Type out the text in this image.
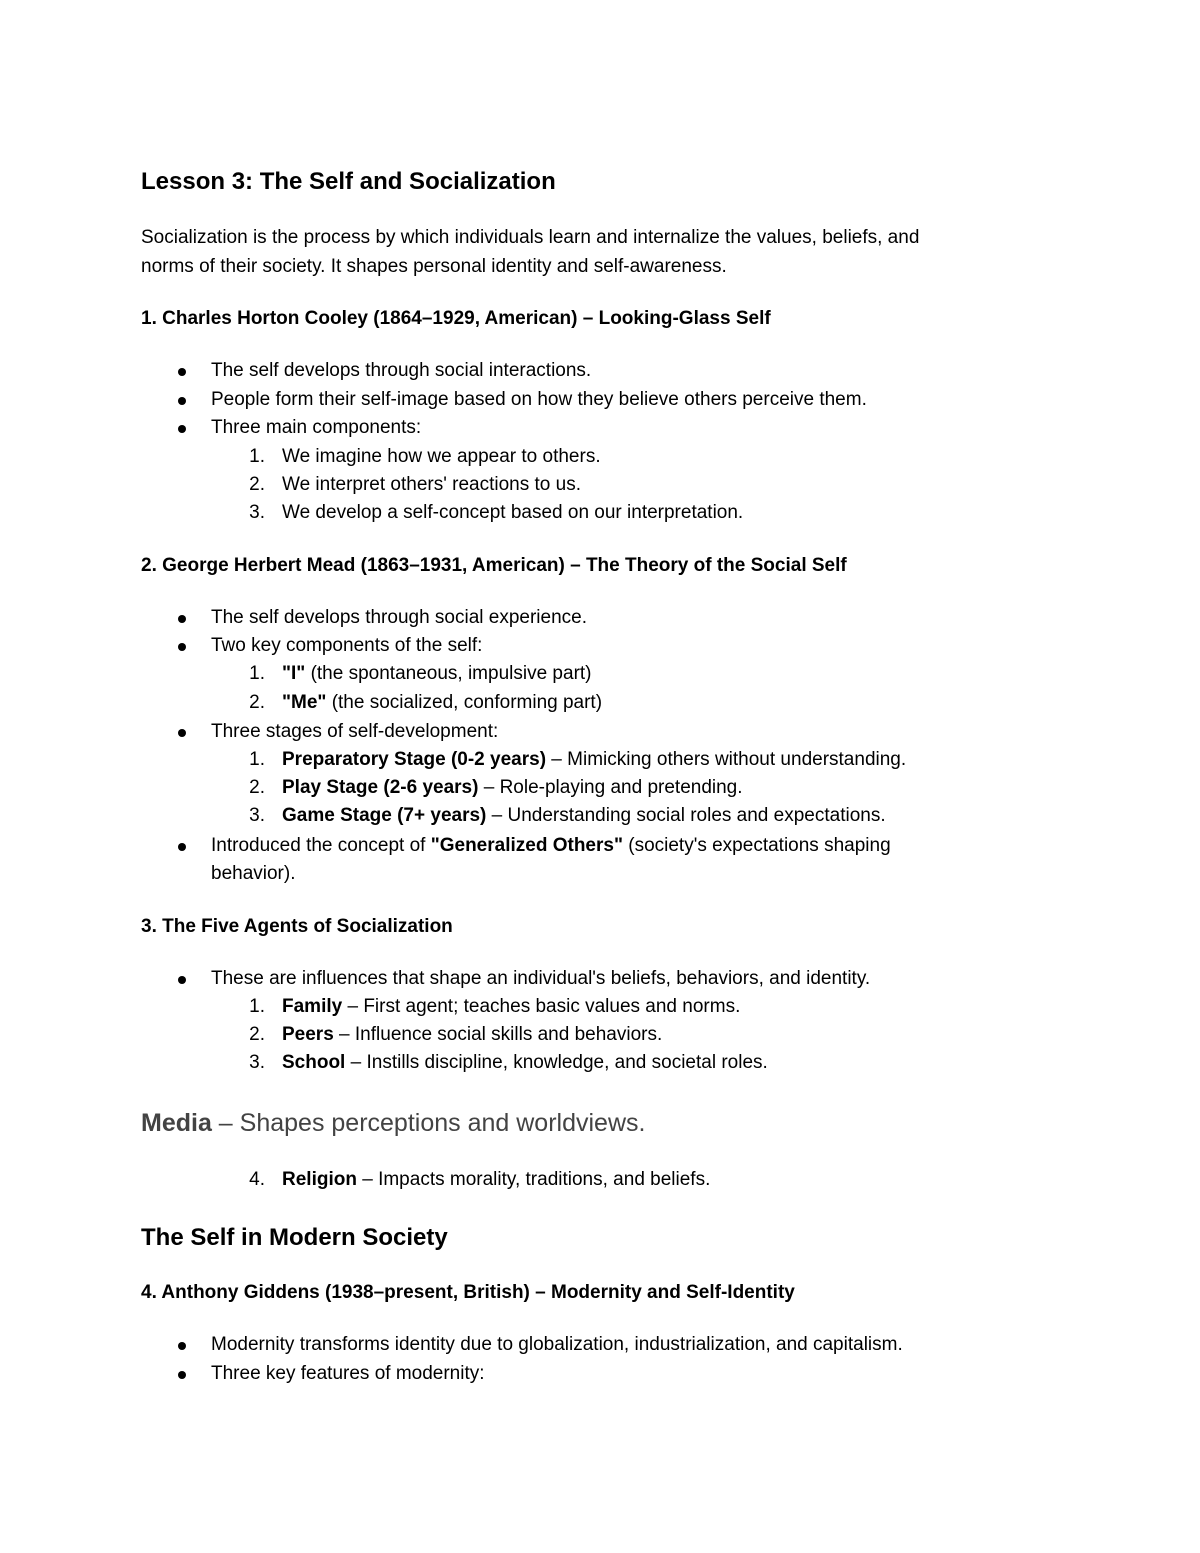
Lesson 3: The Self and Socialization
Socialization is the process by which individuals learn and internalize the values, beliefs, and
norms of their society. It shapes personal identity and self-awareness.
1. Charles Horton Cooley (1864–1929, American) – Looking-Glass Self
The self develops through social interactions.
People form their self-image based on how they believe others perceive them.
Three main components:
1. We imagine how we appear to others.
2. We interpret others' reactions to us.
3. We develop a self-concept based on our interpretation.
2. George Herbert Mead (1863–1931, American) – The Theory of the Social Self
The self develops through social experience.
Two key components of the self:
1. "I" (the spontaneous, impulsive part)
2. "Me" (the socialized, conforming part)
Three stages of self-development:
1. Preparatory Stage (0-2 years) – Mimicking others without understanding.
2. Play Stage (2-6 years) – Role-playing and pretending.
3. Game Stage (7+ years) – Understanding social roles and expectations.
Introduced the concept of "Generalized Others" (society's expectations shaping
behavior).
3. The Five Agents of Socialization
These are influences that shape an individual's beliefs, behaviors, and identity.
1. Family – First agent; teaches basic values and norms.
2. Peers – Influence social skills and behaviors.
3. School – Instills discipline, knowledge, and societal roles.
Media – Shapes perceptions and worldviews.
4. Religion – Impacts morality, traditions, and beliefs.
The Self in Modern Society
4. Anthony Giddens (1938–present, British) – Modernity and Self-Identity
Modernity transforms identity due to globalization, industrialization, and capitalism.
Three key features of modernity:
